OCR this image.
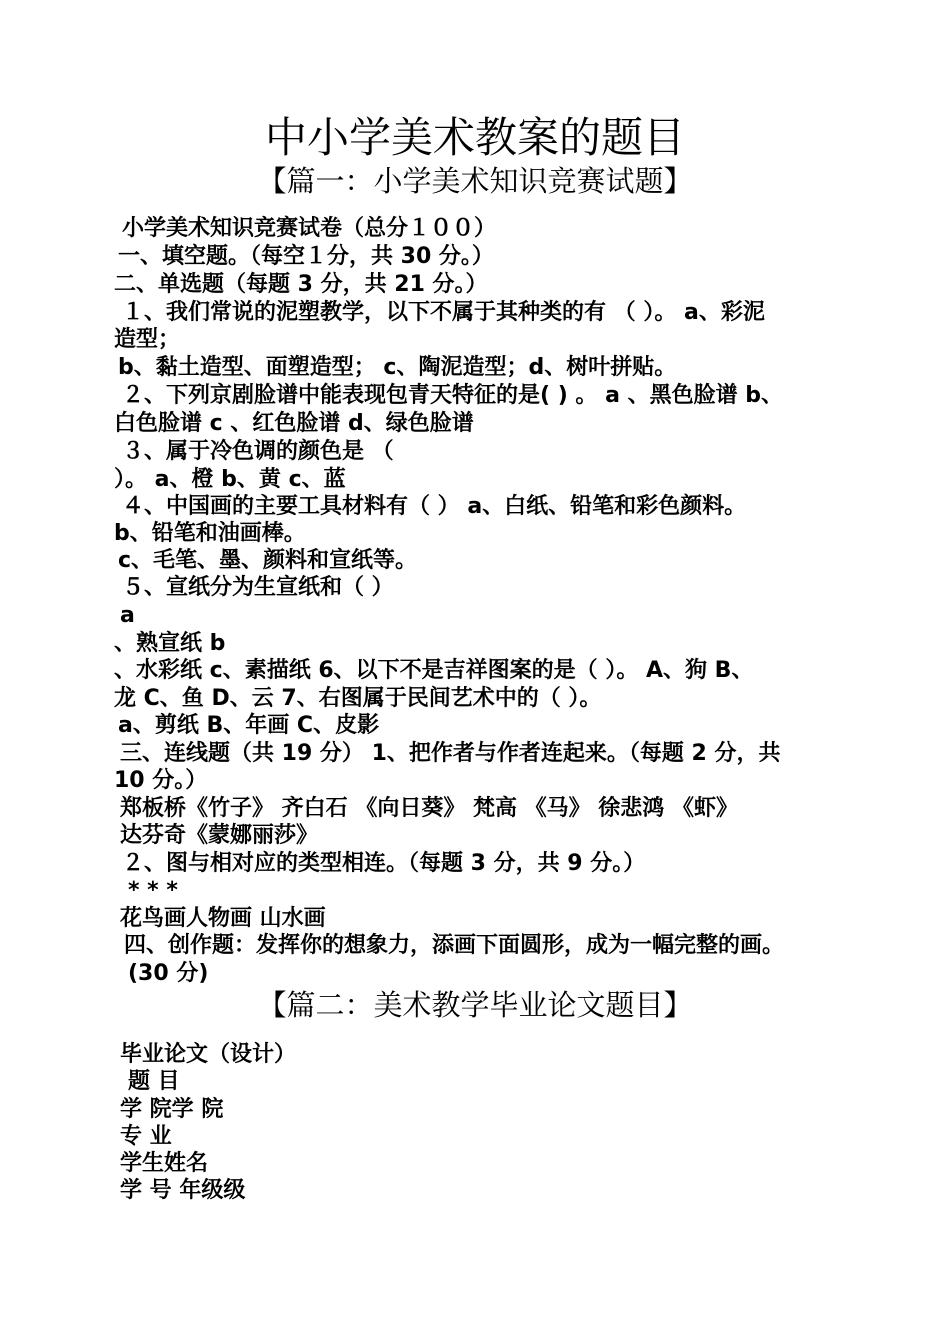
中小学美术教案的题目
【篇一：小学美术知识竞赛试题】

小学美术知识竞赛试卷（总分１００）

一、填空题。（每空１分，共 30 分。）

二、单选题（每题 3 分，共 21 分。）

１、我们常说的泥塑教学，以下不属于其种类的有 （ ）。 a、彩泥

造型；

b、黏土造型、面塑造型； c、陶泥造型；d、树叶拼贴。

２、下列京剧脸谱中能表现包青天特征的是( ) 。 a 、黑色脸谱 b、

白色脸谱 c 、红色脸谱 d、绿色脸谱

３、属于冷色调的颜色是 （

）。 a、橙 b、黄 c、蓝

４、中国画的主要工具材料有（ ） a、白纸、铅笔和彩色颜料。

b、铅笔和油画棒。

c、毛笔、墨、颜料和宣纸等。

５、宣纸分为生宣纸和（ ）

a

、熟宣纸 b

、水彩纸 c、素描纸 6、以下不是吉祥图案的是（ ）。 A、狗 B、

龙 C、鱼 D、云 7、右图属于民间艺术中的（ ）。

a、剪纸 B、年画 C、皮影

三、连线题（共 19 分） 1、把作者与作者连起来。（每题 2 分，共

10 分。）

郑板桥《竹子》 齐白石 《向日葵》 梵高 《马》 徐悲鸿 《虾》

达芬奇《蒙娜丽莎》

２、图与相对应的类型相连。（每题 3 分，共 9 分。）

* * *

花鸟画人物画 山水画

四、创作题：发挥你的想象力，添画下面圆形，成为一幅完整的画。

(30 分)

【篇二：美术教学毕业论文题目】

毕业论文（设计）

题 目

学 院学 院

专 业

学生姓名

学 号 年级级
